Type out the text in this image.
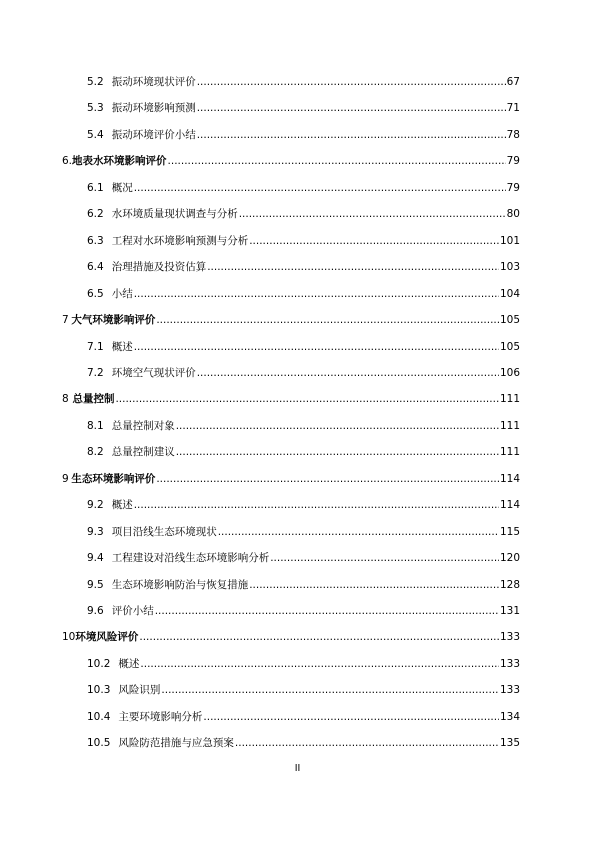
5.2 振动环境现状评价 .....	67
5.3 振动环境影响预测 .....	71
5.4 振动环境评价小结 .....	78
6. 地表水环境影响评价 .....	79
6.1 概况 .....	79
6.2 水环境质量现状调查与分析 .....	80
6.3 工程对水环境影响预测与分析 .....	101
6.4 治理措施及投资估算 .....	103
6.5 小结 .....	104
7 大气环境影响评价 .....	105
7.1 概述 .....	105
7.2 环境空气现状评价 .....	106
8 总量控制 .....	111
8.1 总量控制对象 .....	111
8.2 总量控制建议 .....	111
9 生态环境影响评价 .....	114
9.2 概述 .....	114
9.3 项目沿线生态环境现状 .....	115
9.4 工程建设对沿线生态环境影响分析 .....	120
9.5 生态环境影响防治与恢复措施 .....	128
9.6 评价小结 .....	131
10 环境风险评价 .....	133
10.2 概述 .....	133
10.3 风险识别 .....	133
10.4 主要环境影响分析 .....	134
10.5 风险防范措施与应急预案 .....	135
II
